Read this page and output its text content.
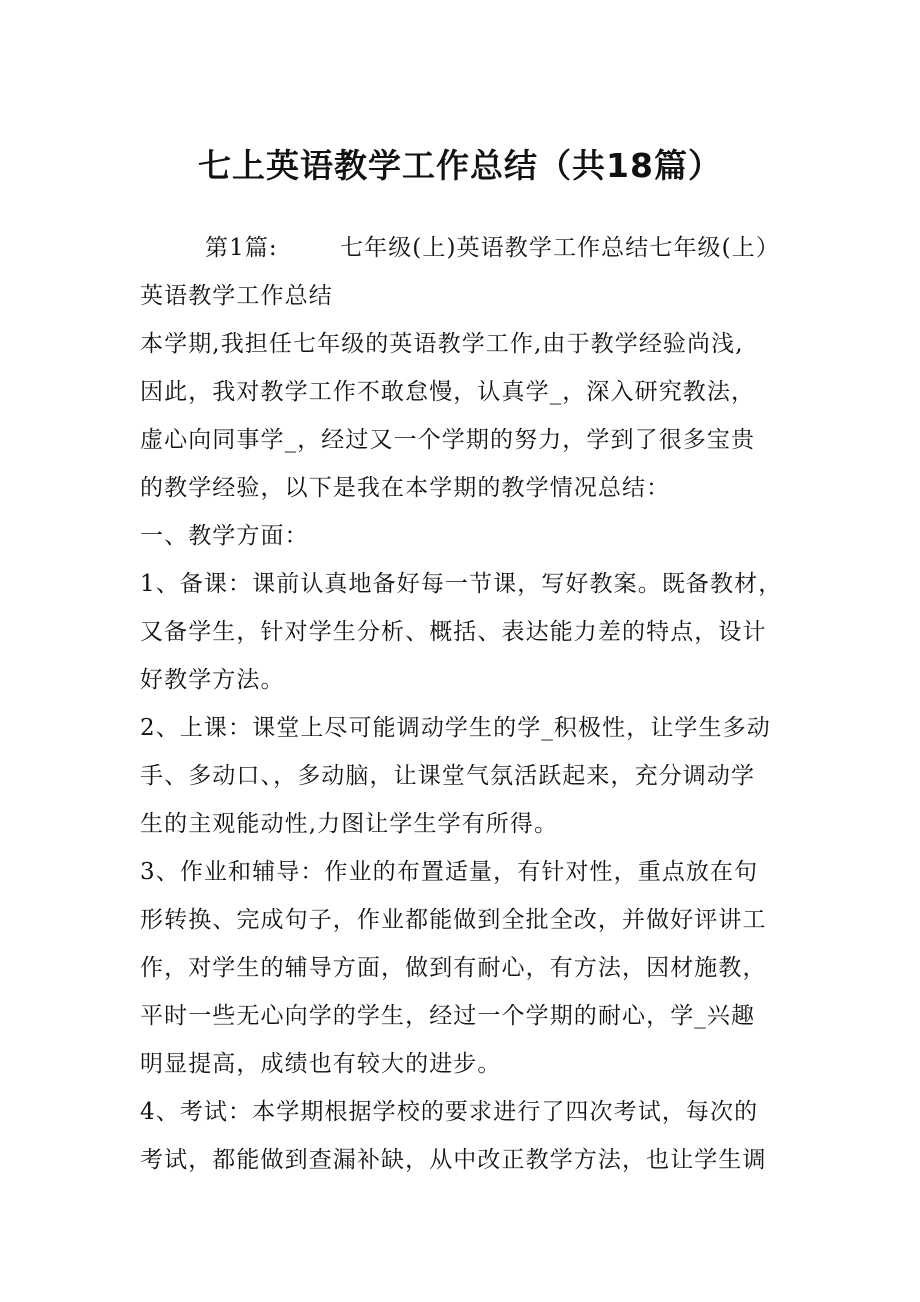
七上英语教学工作总结（共18篇）
第1篇:	七年级(上)英语教学工作总结七年级(上）
英语教学工作总结
本学期,我担任七年级的英语教学工作,由于教学经验尚浅,
因此，我对教学工作不敢怠慢，认真学_，深入研究教法，
虚心向同事学_，经过又一个学期的努力，学到了很多宝贵
的教学经验，以下是我在本学期的教学情况总结：
一、教学方面：
1、备课：课前认真地备好每一节课，写好教案。既备教材，
又备学生，针对学生分析、概括、表达能力差的特点，设计
好教学方法。
2、上课：课堂上尽可能调动学生的学_积极性，让学生多动
手、多动口、，多动脑，让课堂气氛活跃起来，充分调动学
生的主观能动性,力图让学生学有所得。
3、作业和辅导：作业的布置适量，有针对性，重点放在句
形转换、完成句子，作业都能做到全批全改，并做好评讲工
作，对学生的辅导方面，做到有耐心，有方法，因材施教，
平时一些无心向学的学生，经过一个学期的耐心，学_兴趣
明显提高，成绩也有较大的进步。
4、考试：本学期根据学校的要求进行了四次考试，每次的
考试，都能做到查漏补缺，从中改正教学方法，也让学生调
